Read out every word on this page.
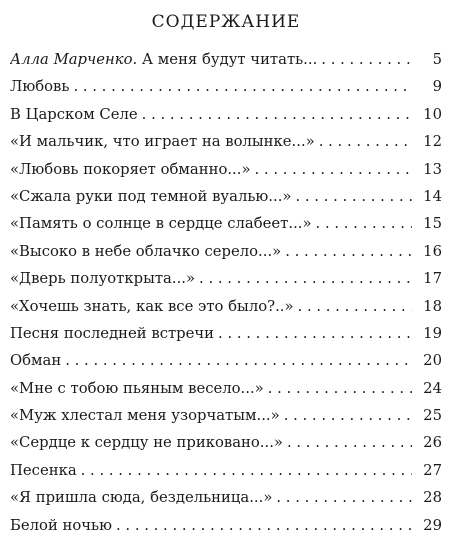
СОДЕРЖАНИЕ
Алла Марченко. А меня будут читать... . . .	5
Любовь . . .	9
В Царском Селе . . .	10
«И мальчик, что играет на волынке...» . . .	12
«Любовь покоряет обманно...» . . .	13
«Сжала руки под темной вуалью...» . . .	14
«Память о солнце в сердце слабеет...» . . .	15
«Высоко в небе облачко серело...» . . .	16
«Дверь полуоткрыта...» . . .	17
«Хочешь знать, как все это было?..» . . .	18
Песня последней встречи . . .	19
Обман . . .	20
«Мне с тобою пьяным весело...» . . .	24
«Муж хлестал меня узорчатым...» . . .	25
«Сердце к сердцу не приковано...» . . .	26
Песенка . . .	27
«Я пришла сюда, бездельница...» . . .	28
Белой ночью . . .	29
